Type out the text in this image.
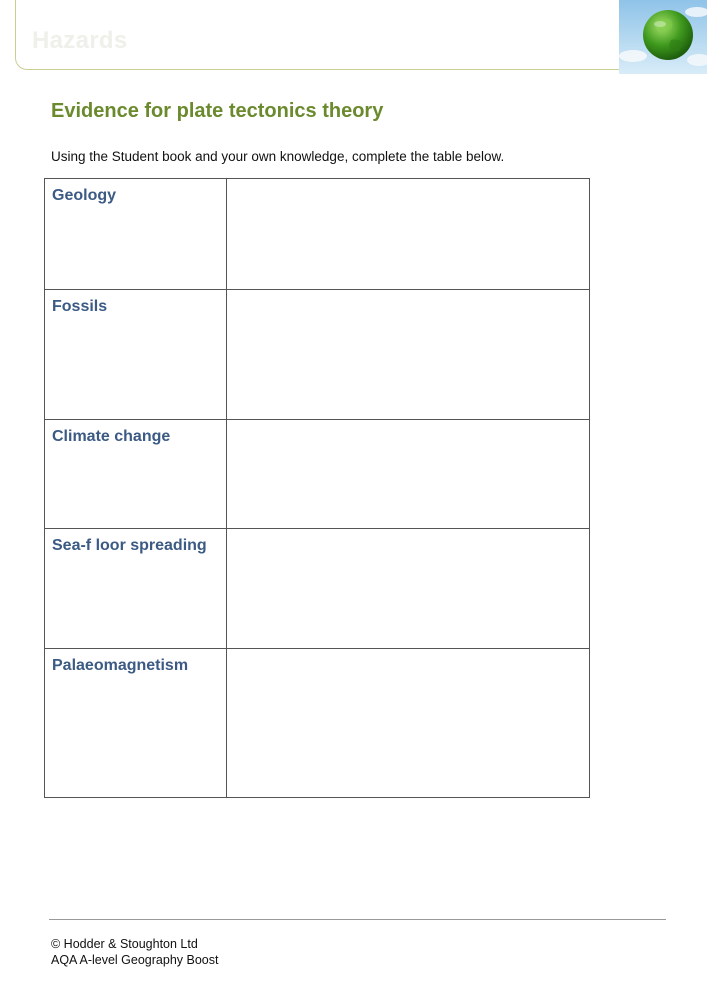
Hazards
Evidence for plate tectonics theory
Using the Student book and your own knowledge, complete the table below.
Geology	
Fossils	
Climate change	
Sea-f loor spreading	
Palaeomagnetism	
© Hodder & Stoughton Ltd
AQA A-level Geography Boost
